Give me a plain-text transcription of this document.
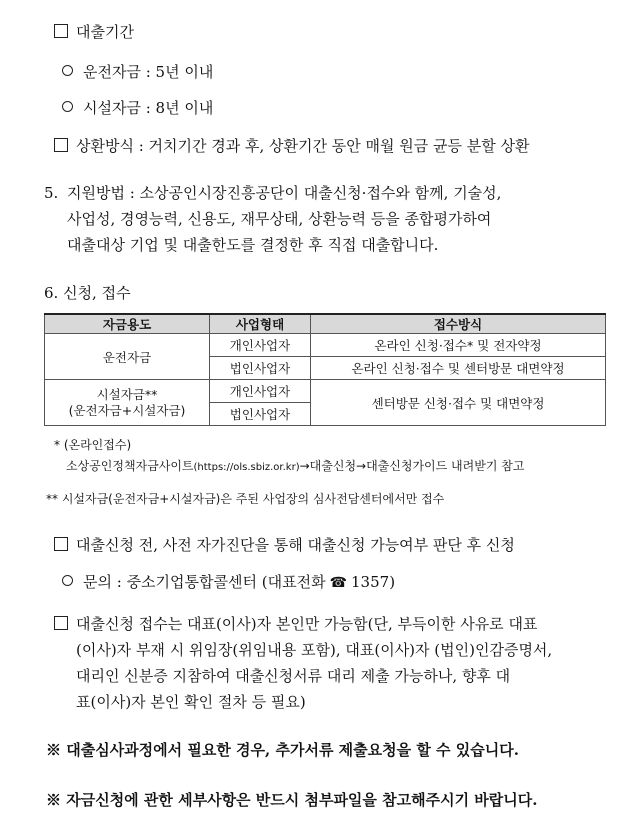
대출기간
운전자금 : 5년 이내
시설자금 : 8년 이내
상환방식 : 거치기간 경과 후, 상환기간 동안 매월 원금 균등 분할 상환
5. 지원방법 : 소상공인시장진흥공단이 대출신청·접수와 함께, 기술성,
사업성, 경영능력, 신용도, 재무상태, 상환능력 등을 종합평가하여
대출대상 기업 및 대출한도를 결정한 후 직접 대출합니다.
6. 신청, 접수
자금용도	사업형태	접수방식
운전자금	개인사업자	온라인 신청·접수* 및 전자약정
	법인사업자	온라인 신청·접수 및 센터방문 대면약정
시설자금**
(운전자금+시설자금)	개인사업자	센터방문 신청·접수 및 대면약정
	법인사업자	
* (온라인접수)
소상공인정책자금사이트(https://ols.sbiz.or.kr)→대출신청→대출신청가이드 내려받기 참고
** 시설자금(운전자금+시설자금)은 주된 사업장의 심사전담센터에서만 접수
대출신청 전, 사전 자가진단을 통해 대출신청 가능여부 판단 후 신청
문의 : 중소기업통합콜센터 (대표전화 ☎ 1357)
대출신청 접수는 대표(이사)자 본인만 가능함(단, 부득이한 사유로 대표
(이사)자 부재 시 위임장(위임내용 포함), 대표(이사)자 (법인)인감증명서,
대리인 신분증 지참하여 대출신청서류 대리 제출 가능하나, 향후 대
표(이사)자 본인 확인 절차 등 필요)
※ 대출심사과정에서 필요한 경우, 추가서류 제출요청을 할 수 있습니다.
※ 자금신청에 관한 세부사항은 반드시 첨부파일을 참고해주시기 바랍니다.
